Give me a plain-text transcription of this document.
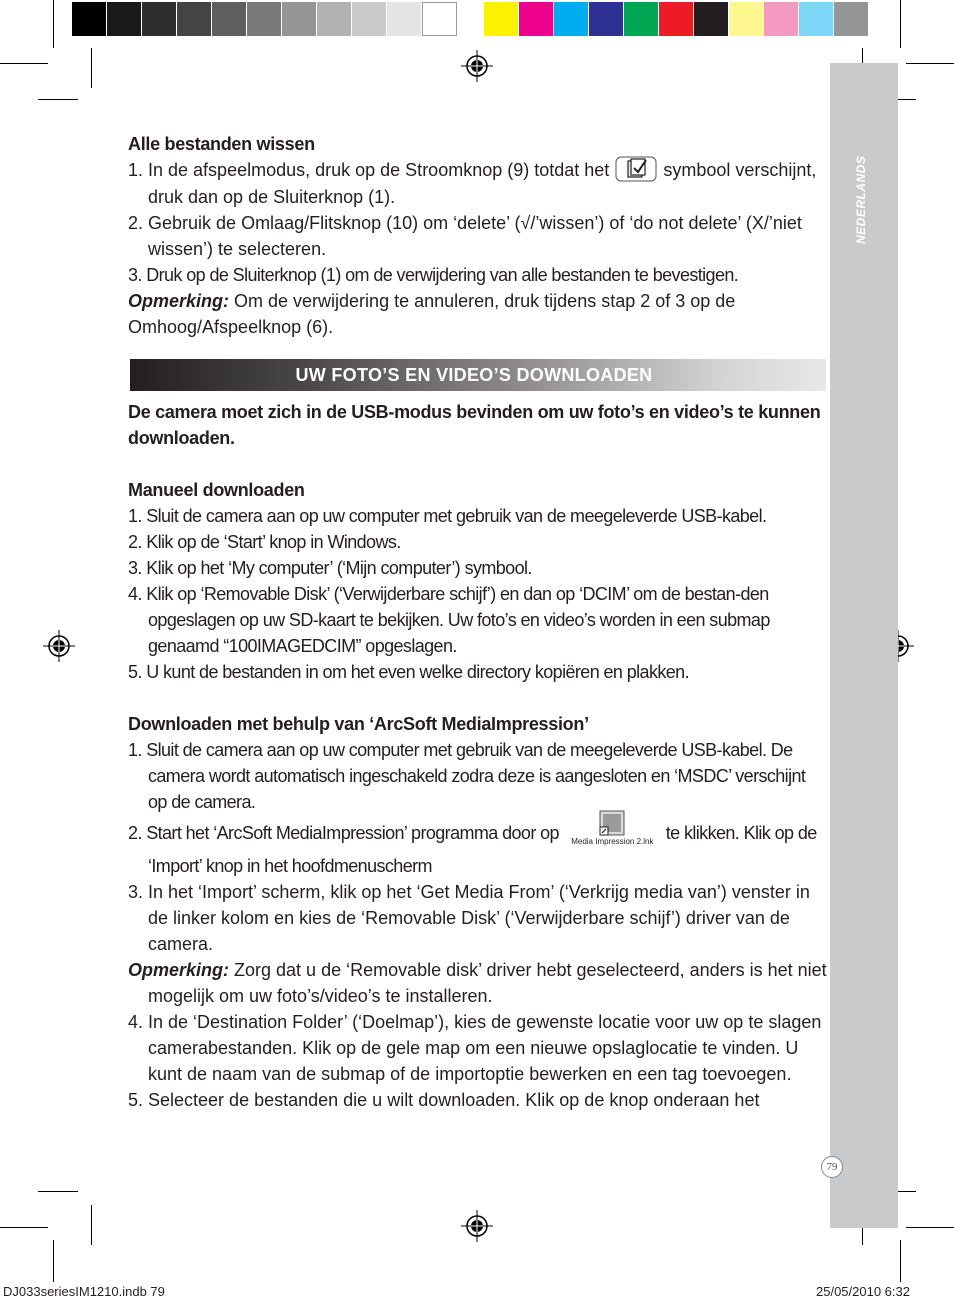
NEDERLANDS
79
UW FOTO’S EN VIDEO’S DOWNLOADEN

Alle bestanden wissen

1. In de afspeelmodus, druk op de Stroomknop (9) totdat het	symbool verschijnt, druk dan op de Sluiterknop (1).

2. Gebruik de Omlaag/Flitsknop (10) om ‘delete’ (√/’wissen’) of ‘do not delete’ (X/’niet wissen’) te selecteren.

3. Druk op de Sluiterknop (1) om de verwijdering van alle bestanden te bevestigen.

Opmerking: Om de verwijdering te annuleren, druk tijdens stap 2 of 3 op de Omhoog/Afspeelknop (6).

De camera moet zich in de USB-modus bevinden om uw foto’s en video’s te kunnen downloaden.

Manueel downloaden

1. Sluit de camera aan op uw computer met gebruik van de meegeleverde USB-kabel.

2. Klik op de ‘Start’ knop in Windows.

3. Klik op het ‘My computer’ (‘Mijn computer’) symbool.

4. Klik op ‘Removable Disk’ (‘Verwijderbare schijf’) en dan op ‘DCIM’ om de bestan-den opgeslagen op uw SD-kaart te bekijken. Uw foto’s en video’s worden in een submap genaamd “100IMAGEDCIM” opgeslagen.

5. U kunt de bestanden in om het even welke directory kopiëren en plakken.

Downloaden met behulp van ‘ArcSoft MediaImpression’

1. Sluit de camera aan op uw computer met gebruik van de meegeleverde USB-kabel. De camera wordt automatisch ingeschakeld zodra deze is aangesloten en ‘MSDC’ verschijnt op de camera.

2. Start het ‘ArcSoft MediaImpression’ programma door op	Media Impression 2.lnk te klikken. Klik op de ‘Import’ knop in het hoofdmenuscherm

3. In het ‘Import’ scherm, klik op het ‘Get Media From’ (‘Verkrijg media van’) venster in de linker kolom en kies de ‘Removable Disk’ (‘Verwijderbare schijf’) driver van de camera.

Opmerking: Zorg dat u de ‘Removable disk’ driver hebt geselecteerd, anders is het niet mogelijk om uw foto’s/video’s te installeren.

4. In de ‘Destination Folder’ (‘Doelmap’), kies de gewenste locatie voor uw op te slagen camerabestanden. Klik op de gele map om een nieuwe opslaglocatie te vinden. U kunt de naam van de submap of de importoptie bewerken en een tag toevoegen.

5. Selecteer de bestanden die u wilt downloaden. Klik op de knop onderaan het

DJ033seriesIM1210.indb 79	25/05/2010 6:32
